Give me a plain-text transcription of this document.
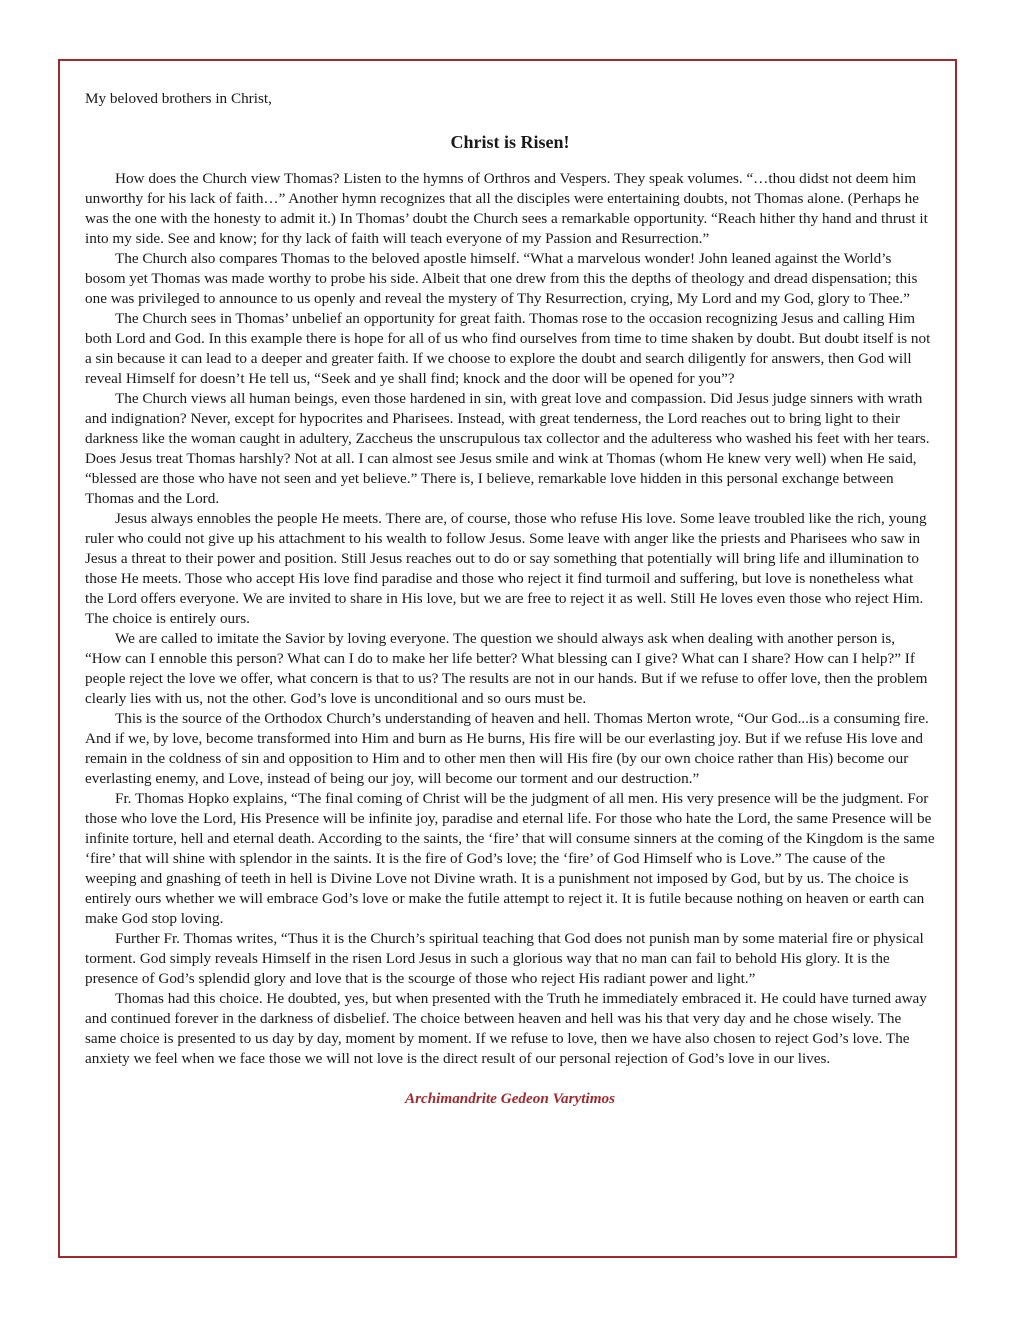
My beloved brothers in Christ,

Christ is Risen!

How does the Church view Thomas? Listen to the hymns of Orthros and Vespers. They speak volumes. “…thou didst not deem him unworthy for his lack of faith…” Another hymn recognizes that all the disciples were entertaining doubts, not Thomas alone. (Perhaps he was the one with the honesty to admit it.) In Thomas’ doubt the Church sees a remarkable opportunity. “Reach hither thy hand and thrust it into my side. See and know; for thy lack of faith will teach everyone of my Passion and Resurrection.”

The Church also compares Thomas to the beloved apostle himself. “What a marvelous wonder! John leaned against the World’s bosom yet Thomas was made worthy to probe his side. Albeit that one drew from this the depths of theology and dread dispensation; this one was privileged to announce to us openly and reveal the mystery of Thy Resurrection, crying, My Lord and my God, glory to Thee.”

The Church sees in Thomas’ unbelief an opportunity for great faith. Thomas rose to the occasion recognizing Jesus and calling Him both Lord and God. In this example there is hope for all of us who find ourselves from time to time shaken by doubt. But doubt itself is not a sin because it can lead to a deeper and greater faith. If we choose to explore the doubt and search diligently for answers, then God will reveal Himself for doesn’t He tell us, “Seek and ye shall find; knock and the door will be opened for you”?

The Church views all human beings, even those hardened in sin, with great love and compassion. Did Jesus judge sinners with wrath and indignation? Never, except for hypocrites and Pharisees. Instead, with great tenderness, the Lord reaches out to bring light to their darkness like the woman caught in adultery, Zaccheus the unscrupulous tax collector and the adulteress who washed his feet with her tears. Does Jesus treat Thomas harshly? Not at all. I can almost see Jesus smile and wink at Thomas (whom He knew very well) when He said, “blessed are those who have not seen and yet believe.” There is, I believe, remarkable love hidden in this personal exchange between Thomas and the Lord.

Jesus always ennobles the people He meets. There are, of course, those who refuse His love. Some leave troubled like the rich, young ruler who could not give up his attachment to his wealth to follow Jesus. Some leave with anger like the priests and Pharisees who saw in Jesus a threat to their power and position. Still Jesus reaches out to do or say something that potentially will bring life and illumination to those He meets. Those who accept His love find paradise and those who reject it find turmoil and suffering, but love is nonetheless what the Lord offers everyone. We are invited to share in His love, but we are free to reject it as well. Still He loves even those who reject Him. The choice is entirely ours.

We are called to imitate the Savior by loving everyone. The question we should always ask when dealing with another person is, “How can I ennoble this person? What can I do to make her life better? What blessing can I give? What can I share? How can I help?” If people reject the love we offer, what concern is that to us? The results are not in our hands. But if we refuse to offer love, then the problem clearly lies with us, not the other. God’s love is unconditional and so ours must be.

This is the source of the Orthodox Church’s understanding of heaven and hell. Thomas Merton wrote, “Our God...is a consuming fire. And if we, by love, become transformed into Him and burn as He burns, His fire will be our everlasting joy. But if we refuse His love and remain in the coldness of sin and opposition to Him and to other men then will His fire (by our own choice rather than His) become our everlasting enemy, and Love, instead of being our joy, will become our torment and our destruction.”

Fr. Thomas Hopko explains, “The final coming of Christ will be the judgment of all men. His very presence will be the judgment. For those who love the Lord, His Presence will be infinite joy, paradise and eternal life. For those who hate the Lord, the same Presence will be infinite torture, hell and eternal death. According to the saints, the ‘fire’ that will consume sinners at the coming of the Kingdom is the same ‘fire’ that will shine with splendor in the saints. It is the fire of God’s love; the ‘fire’ of God Himself who is Love.” The cause of the weeping and gnashing of teeth in hell is Divine Love not Divine wrath. It is a punishment not imposed by God, but by us. The choice is entirely ours whether we will embrace God’s love or make the futile attempt to reject it. It is futile because nothing on heaven or earth can make God stop loving.

Further Fr. Thomas writes, “Thus it is the Church’s spiritual teaching that God does not punish man by some material fire or physical torment. God simply reveals Himself in the risen Lord Jesus in such a glorious way that no man can fail to behold His glory. It is the presence of God’s splendid glory and love that is the scourge of those who reject His radiant power and light.”

Thomas had this choice. He doubted, yes, but when presented with the Truth he immediately embraced it. He could have turned away and continued forever in the darkness of disbelief. The choice between heaven and hell was his that very day and he chose wisely. The same choice is presented to us day by day, moment by moment. If we refuse to love, then we have also chosen to reject God’s love. The anxiety we feel when we face those we will not love is the direct result of our personal rejection of God’s love in our lives.

Archimandrite Gedeon Varytimos
